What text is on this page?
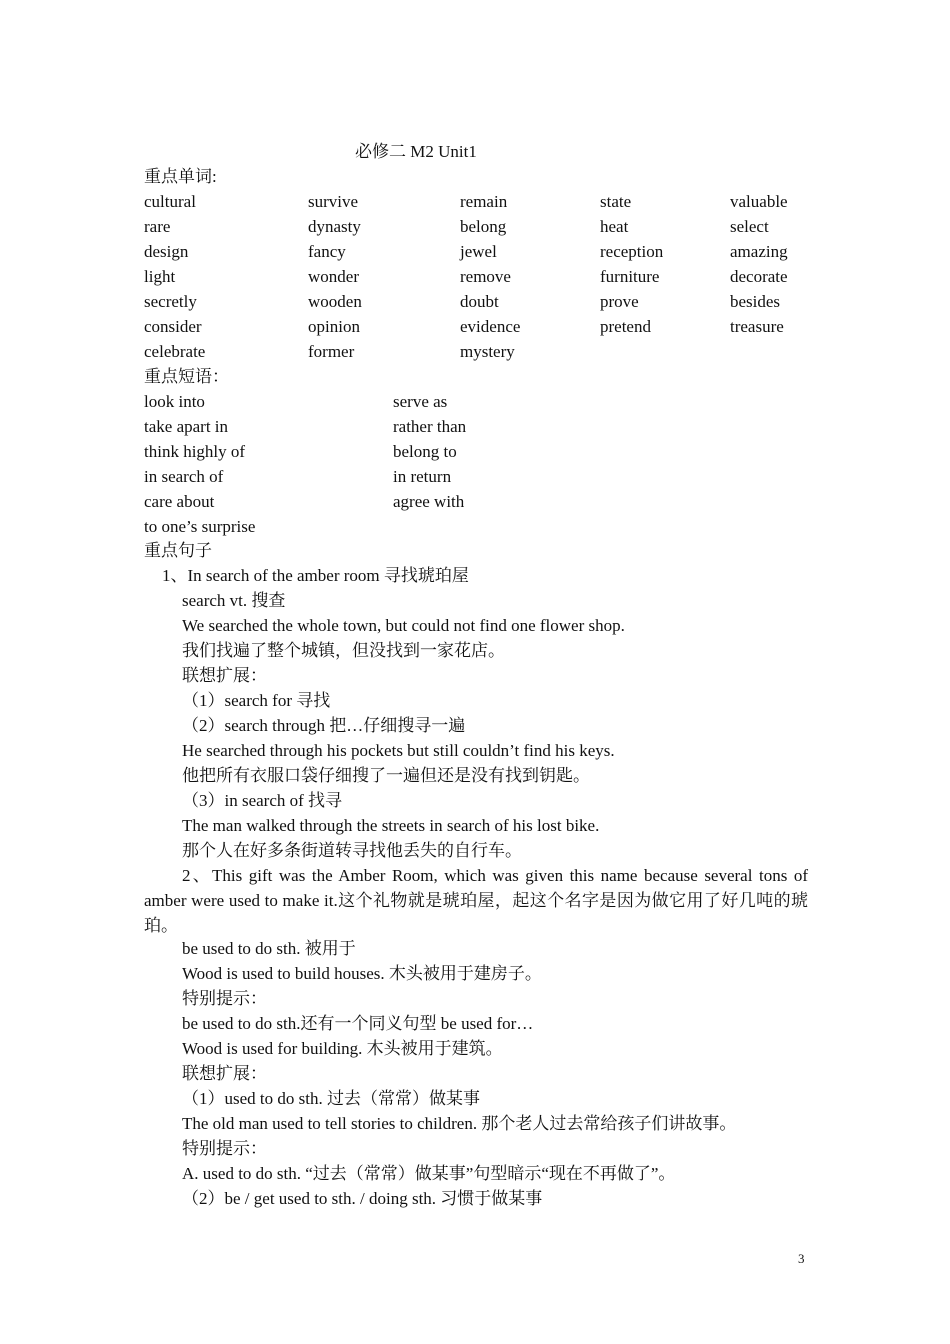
必修二 M2 Unit1
重点单词:
cultural	survive	remain	state	valuable
rare	dynasty	belong	heat	select
design	fancy	jewel	reception	amazing
light	wonder	remove	furniture	decorate
secretly	wooden	doubt	prove	besides
consider	opinion	evidence	pretend	treasure
celebrate	former	mystery
重点短语：
look into	serve as
take apart in	rather than
think highly of	belong to
in search of	in return
care about	agree with
to one’s surprise
重点句子
1、In search of the amber room 寻找琥珀屋
search vt. 搜查
We searched the whole town, but could not find one flower shop.
我们找遍了整个城镇，但没找到一家花店。
联想扩展：
（1）search for 寻找
（2）search through 把…仔细搜寻一遍
He searched through his pockets but still couldn’t find his keys.
他把所有衣服口袋仔细搜了一遍但还是没有找到钥匙。
（3）in search of 找寻
The man walked through the streets in search of his lost bike.
那个人在好多条街道转寻找他丢失的自行车。
2、This gift was the Amber Room, which was given this name because several tons of amber were used to make it.这个礼物就是琥珀屋，起这个名字是因为做它用了好几吨的琥珀。
be used to do sth. 被用于
Wood is used to build houses. 木头被用于建房子。
特别提示：
be used to do sth.还有一个同义句型 be used for…
Wood is used for building. 木头被用于建筑。
联想扩展：
（1）used to do sth. 过去（常常）做某事
The old man used to tell stories to children. 那个老人过去常给孩子们讲故事。
特别提示：
A. used to do sth. “过去（常常）做某事”句型暗示“现在不再做了”。
（2）be / get used to sth. / doing sth. 习惯于做某事
3
